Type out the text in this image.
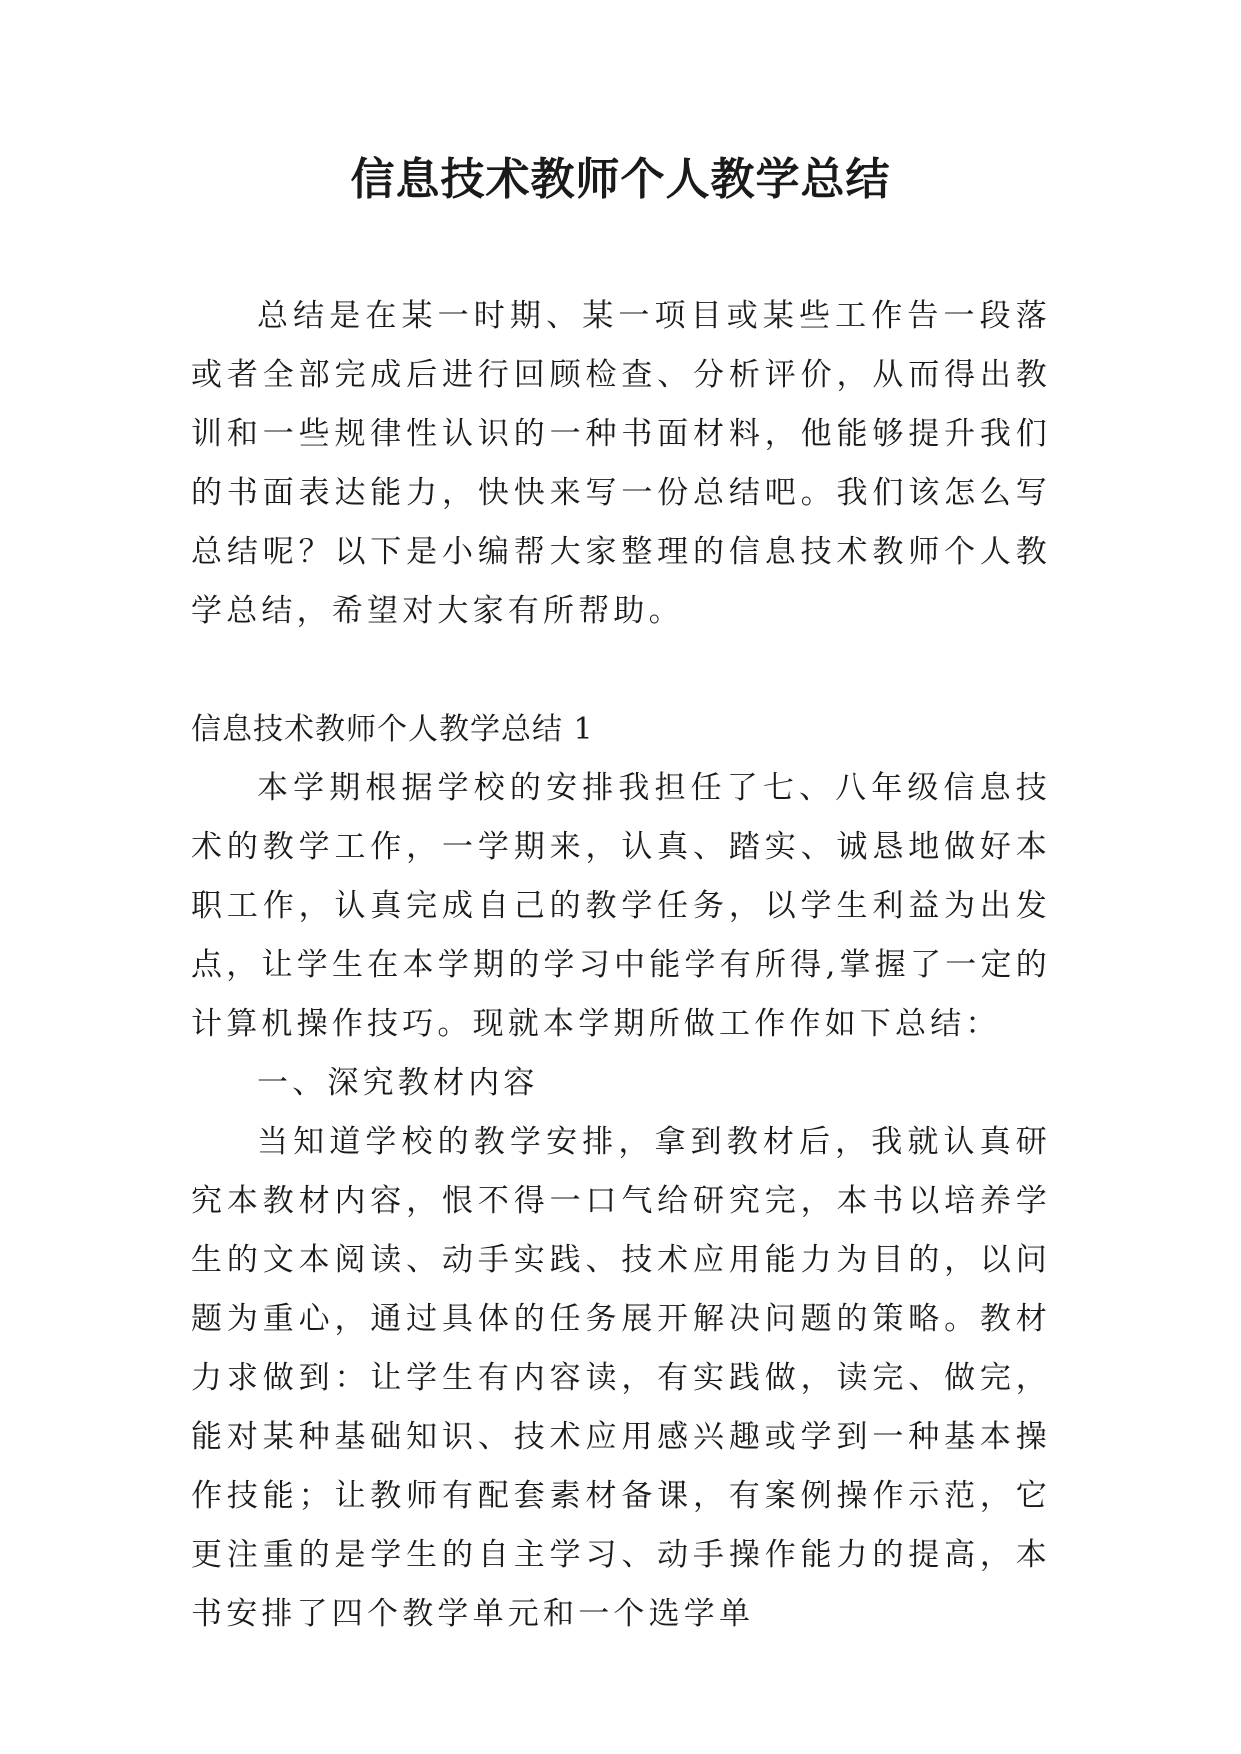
信息技术教师个人教学总结

总结是在某一时期、某一项目或某些工作告一段落或者全部完成后进行回顾检查、分析评价，从而得出教训和一些规律性认识的一种书面材料，他能够提升我们的书面表达能力，快快来写一份总结吧。我们该怎么写总结呢？以下是小编帮大家整理的信息技术教师个人教学总结，希望对大家有所帮助。

信息技术教师个人教学总结 1

本学期根据学校的安排我担任了七、八年级信息技术的教学工作，一学期来，认真、踏实、诚恳地做好本职工作，认真完成自己的教学任务，以学生利益为出发点，让学生在本学期的学习中能学有所得,掌握了一定的计算机操作技巧。现就本学期所做工作作如下总结：

一、深究教材内容

当知道学校的教学安排，拿到教材后，我就认真研究本教材内容，恨不得一口气给研究完，本书以培养学生的文本阅读、动手实践、技术应用能力为目的，以问题为重心，通过具体的任务展开解决问题的策略。教材力求做到：让学生有内容读，有实践做，读完、做完，能对某种基础知识、技术应用感兴趣或学到一种基本操作技能；让教师有配套素材备课，有案例操作示范，它更注重的是学生的自主学习、动手操作能力的提高，本书安排了四个教学单元和一个选学单
